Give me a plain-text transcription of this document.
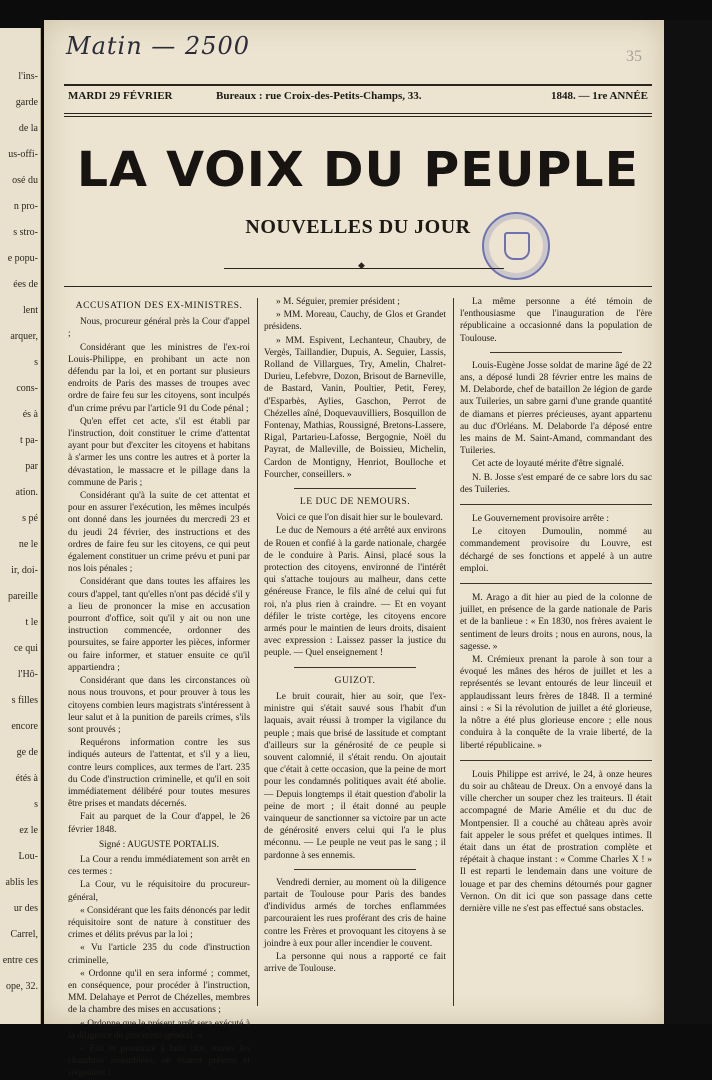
l'ins-
garde
de la
us-offi-
osé du
n pro-
s stro-
e popu-
ées de
lent
arquer,
s
cons-
és à
t pa-
par
ation.
s pé
ne le
ir, doi-
pareille
t le
ce qui
l'Hô-
s filles
encore
ge de
étés à
s
ez le
Lou-
ablis les
ur des
Carrel,
entre ces
ope, 32.
Matin — 2500	35
MARDI 29 FÉVRIER	Bureaux : rue Croix-des-Petits-Champs, 33.	1848. — 1re ANNÉE
LA VOIX DU PEUPLE
NOUVELLES DU JOUR
◆
ACCUSATION DES EX-MINISTRES.

Nous, procureur général près la Cour d'appel ;

Considérant que les ministres de l'ex-roi Louis-Philippe, en prohibant un acte non défendu par la loi, et en portant sur plusieurs endroits de Paris des masses de troupes avec ordre de faire feu sur les citoyens, sont inculpés d'un crime prévu par l'article 91 du Code pénal ;

Qu'en effet cet acte, s'il est établi par l'instruction, doit constituer le crime d'attentat ayant pour but d'exciter les citoyens et habitans à s'armer les uns contre les autres et à porter la dévastation, le massacre et le pillage dans la commune de Paris ;

Considérant qu'à la suite de cet attentat et pour en assurer l'exécution, les mêmes inculpés ont donné dans les journées du mercredi 23 et du jeudi 24 février, des instructions et des ordres de faire feu sur les citoyens, ce qui peut également constituer un crime prévu et puni par nos lois pénales ;

Considérant que dans toutes les affaires les cours d'appel, tant qu'elles n'ont pas décidé s'il y a lieu de prononcer la mise en accusation pourront d'office, soit qu'il y ait ou non une instruction commencée, ordonner des poursuites, se faire apporter les pièces, informer ou faire informer, et statuer ensuite ce qu'il appartiendra ;

Considérant que dans les circonstances où nous nous trouvons, et pour prouver à tous les citoyens combien leurs magistrats s'intéressent à leur salut et à la punition de pareils crimes, s'ils sont prouvés ;

Requérons information contre les sus indiqués auteurs de l'attentat, et s'il y a lieu, contre leurs complices, aux termes de l'art. 235 du Code d'instruction criminelle, et qu'il en soit immédiatement délibéré pour toutes mesures être prises et mandats décernés.

Fait au parquet de la Cour d'appel, le 26 février 1848.

Signé : AUGUSTE PORTALIS.

La Cour a rendu immédiatement son arrêt en ces termes :

La Cour, vu le réquisitoire du procureur-général,

« Considérant que les faits dénoncés par ledit réquisitoire sont de nature à constituer des crimes et délits prévus par la loi ;

« Vu l'article 235 du code d'instruction criminelle,

« Ordonne qu'il en sera informé ; commet, en conséquence, pour procéder à l'instruction, MM. Delahaye et Perrot de Chézelles, membres de la chambre des mises en accusations ;

« Ordonne que le présent arrêt sera exécuté à la diligence du procureur-général. »

« Fait et prononcé à huis clos, toutes les chambres assemblées, où étaient présens et siégeaient ;

» M. Séguier, premier président ;

» MM. Moreau, Cauchy, de Glos et Grandet présidens.

» MM. Espivent, Lechanteur, Chaubry, de Vergès, Taillandier, Dupuis, A. Seguier, Lassis, Rolland de Villargues, Try, Amelin, Chalret-Durieu, Lefebvre, Dozon, Brisout de Barneville, de Bastard, Vanin, Poultier, Petit, Ferey, d'Esparbès, Aylies, Gaschon, Perrot de Chézelles aîné, Doquevauvilliers, Bosquillon de Fontenay, Mathias, Roussigné, Bretons-Lassere, Rigal, Partarieu-Lafosse, Bergognie, Noël du Payrat, de Malleville, de Boissieu, Michelin, Cardon de Montigny, Henriot, Boulloche et Fourcher, conseillers. »

LE DUC DE NEMOURS.

Voici ce que l'on disait hier sur le boulevard.

Le duc de Nemours a été arrêté aux environs de Rouen et confié à la garde nationale, chargée de le conduire à Paris. Ainsi, placé sous la protection des citoyens, environné de l'intérêt qui s'attache toujours au malheur, dans cette généreuse France, le fils aîné de celui qui fut roi, n'a plus rien à craindre. — Et en voyant défiler le triste cortège, les citoyens encore armés pour le maintien de leurs droits, disaient avec expression : Laissez passer la justice du peuple. — Quel enseignement !

GUIZOT.

Le bruit courait, hier au soir, que l'ex-ministre qui s'était sauvé sous l'habit d'un laquais, avait réussi à tromper la vigilance du peuple ; mais que brisé de lassitude et comptant d'ailleurs sur la générosité de ce peuple si souvent calomnié, il s'était rendu. On ajoutait que c'était à cette occasion, que la peine de mort pour les condamnés politiques avait été abolie. — Depuis longtemps il était question d'abolir la peine de mort ; il était donné au peuple vainqueur de sanctionner sa victoire par un acte de générosité envers celui qui l'a le plus méconnu. — Le peuple ne veut pas le sang ; il pardonne à ses ennemis.

Vendredi dernier, au moment où la diligence partait de Toulouse pour Paris des bandes d'individus armés de torches enflammées parcouraient les rues proférant des cris de haine contre les Frères et provoquant les citoyens à se joindre à eux pour aller incendier le couvent.

La personne qui nous a rapporté ce fait arrive de Toulouse.

La même personne a été témoin de l'enthousiasme que l'inauguration de l'ère républicaine a occasionné dans la population de Toulouse.

Louis-Eugène Josse soldat de marine âgé de 22 ans, a déposé lundi 28 février entre les mains de M. Delaborde, chef de bataillon 2e légion de garde aux Tuileries, un sabre garni d'une grande quantité de diamans et pierres précieuses, ayant appartenu au duc d'Orléans. M. Delaborde l'a déposé entre les mains de M. Saint-Amand, commandant des Tuileries.

Cet acte de loyauté mérite d'être signalé.

N. B. Josse s'est emparé de ce sabre lors du sac des Tuileries.

Le Gouvernement provisoire arrête :

Le citoyen Dumoulin, nommé au commandement provisoire du Louvre, est déchargé de ses fonctions et appelé à un autre emploi.

M. Arago a dit hier au pied de la colonne de juillet, en présence de la garde nationale de Paris et de la banlieue : « En 1830, nos frères avaient le sentiment de leurs droits ; nous en aurons, nous, la sagesse. »

M. Crémieux prenant la parole à son tour a évoqué les mânes des héros de juillet et les a représentés se levant entourés de leur linceuil et applaudissant leurs frères de 1848. Il a terminé ainsi : « Si la révolution de juillet a été glorieuse, la nôtre a été plus glorieuse encore ; elle nous conduira à la conquête de la vraie liberté, de la liberté républicaine. »

Louis Philippe est arrivé, le 24, à onze heures du soir au château de Dreux. On a envoyé dans la ville chercher un souper chez les traiteurs. Il était accompagné de Marie Amélie et du duc de Montpensier. Il a couché au château après avoir fait appeler le sous préfet et quelques intimes. Il était dans un état de prostration complète et répétait à chaque instant : « Comme Charles X ! » Il est reparti le lendemain dans une voiture de louage et par des chemins détournés pour gagner Vernon. On dit ici que son passage dans cette dernière ville ne s'est pas effectué sans obstacles.
